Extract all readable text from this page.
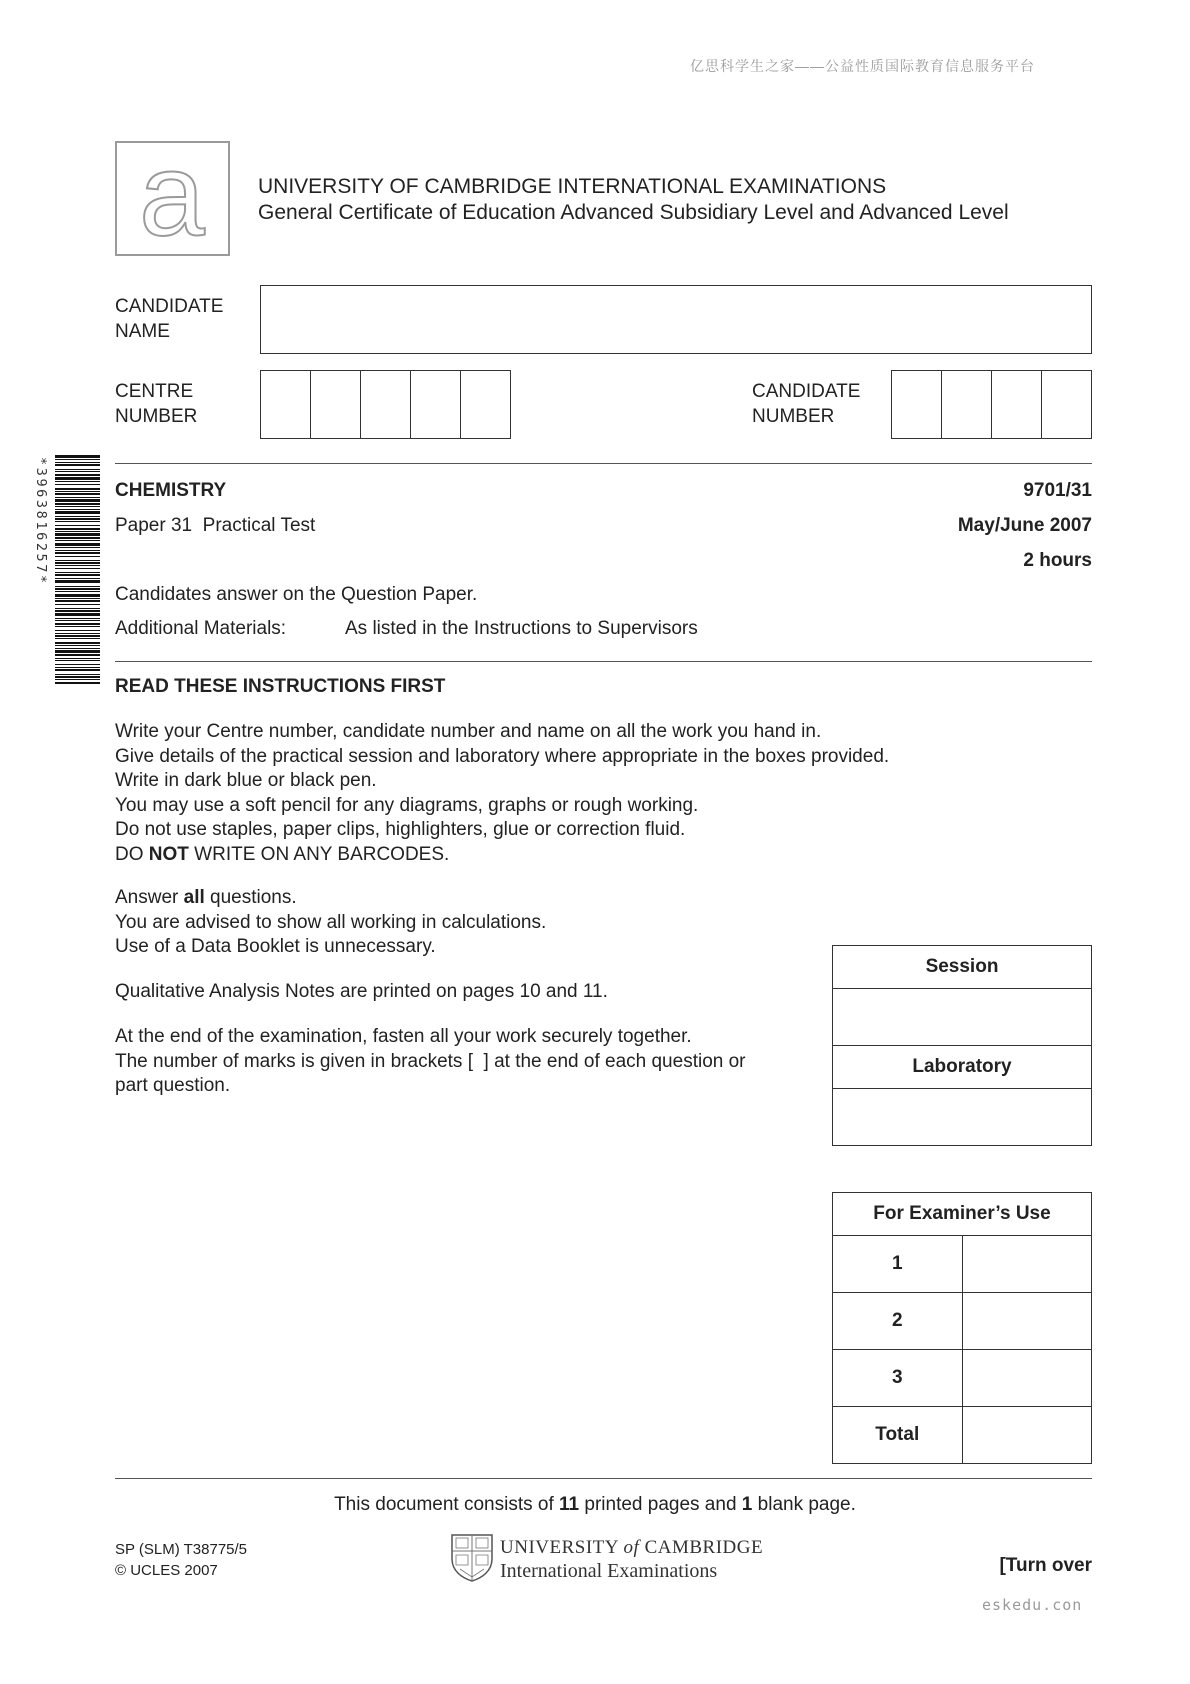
亿思科学生之家——公益性质国际教育信息服务平台
a	UNIVERSITY OF CAMBRIDGE INTERNATIONAL EXAMINATIONS
General Certificate of Education Advanced Subsidiary Level and Advanced Level
CANDIDATE
NAME
CENTRE
NUMBER
CANDIDATE
NUMBER
*3963816257*	CHEMISTRY	9701/31
Paper 31  Practical Test	May/June 2007
2 hours
Candidates answer on the Question Paper.
Additional Materials:	As listed in the Instructions to Supervisors
READ THESE INSTRUCTIONS FIRST
Write your Centre number, candidate number and name on all the work you hand in.
Give details of the practical session and laboratory where appropriate in the boxes provided.
Write in dark blue or black pen.
You may use a soft pencil for any diagrams, graphs or rough working.
Do not use staples, paper clips, highlighters, glue or correction fluid.
DO NOT WRITE ON ANY BARCODES.
Answer all questions.
You are advised to show all working in calculations.
Use of a Data Booklet is unnecessary.
Qualitative Analysis Notes are printed on pages 10 and 11.
At the end of the examination, fasten all your work securely together.
The number of marks is given in brackets [  ] at the end of each question or
part question.
Session

Laboratory

For Examiner’s Use	
1	
2	
3	
Total	
This document consists of 11 printed pages and 1 blank page.
SP (SLM) T38775/5
© UCLES 2007
UNIVERSITY of CAMBRIDGE
International Examinations	[Turn over
eskedu.con
